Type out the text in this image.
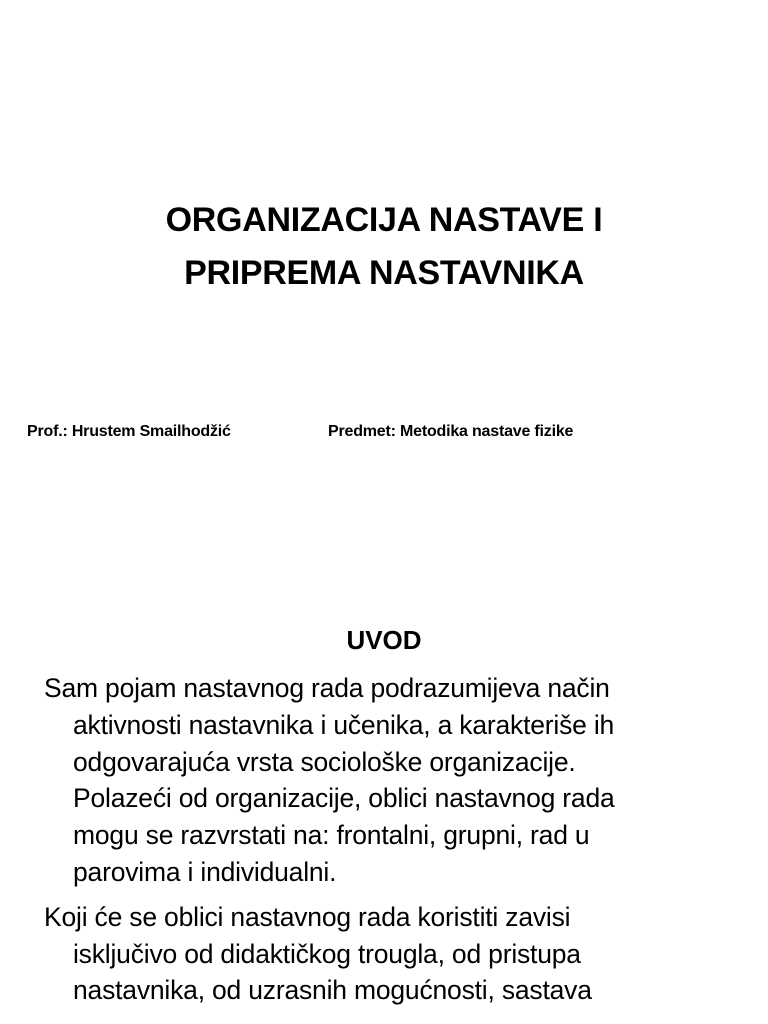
ORGANIZACIJA NASTAVE I
PRIPREMA NASTAVNIKA
Prof.: Hrustem Smailhodžić	Predmet: Metodika nastave fizike
UVOD
Sam pojam nastavnog rada podrazumijeva način
aktivnosti nastavnika i učenika, a karakteriše ih
odgovarajuća vrsta sociološke organizacije.
Polazeći od organizacije, oblici nastavnog rada
mogu se razvrstati na: frontalni, grupni, rad u
parovima i individualni.
Koji će se oblici nastavnog rada koristiti zavisi
isključivo od didaktičkog trougla, od pristupa
nastavnika, od uzrasnih mogućnosti, sastava
